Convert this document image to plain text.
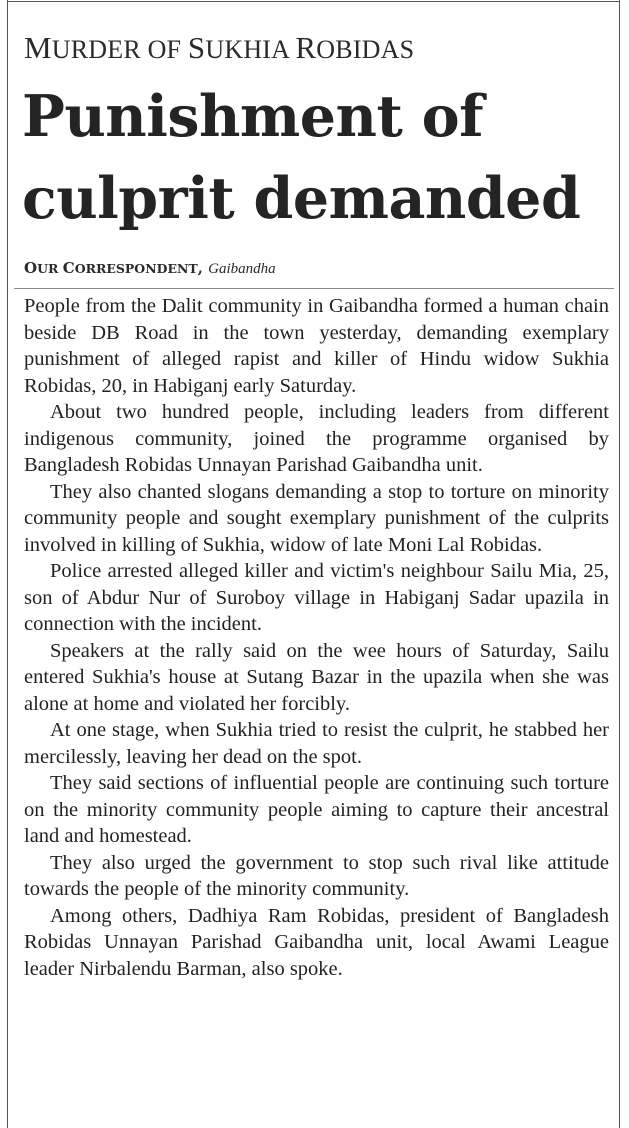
MURDER OF SUKHIA ROBIDAS
Punishment of
culprit demanded
OUR CORRESPONDENT, Gaibandha

People from the Dalit community in Gaibandha formed a human chain beside DB Road in the town yesterday, demanding exemplary punishment of alleged rapist and killer of Hindu widow Sukhia Robidas, 20, in Habiganj early Saturday.

About two hundred people, including leaders from different indigenous community, joined the programme organised by Bangladesh Robidas Unnayan Parishad Gaibandha unit.

They also chanted slogans demanding a stop to torture on minority community people and sought exemplary punishment of the culprits involved in killing of Sukhia, widow of late Moni Lal Robidas.

Police arrested alleged killer and victim's neighbour Sailu Mia, 25, son of Abdur Nur of Suroboy village in Habiganj Sadar upazila in connection with the incident.

Speakers at the rally said on the wee hours of Saturday, Sailu entered Sukhia's house at Sutang Bazar in the upazila when she was alone at home and violated her forcibly.

At one stage, when Sukhia tried to resist the culprit, he stabbed her mercilessly, leaving her dead on the spot.

They said sections of influential people are continuing such torture on the minority community people aiming to capture their ancestral land and homestead.

They also urged the government to stop such rival like attitude towards the people of the minority community.

Among others, Dadhiya Ram Robidas, president of Bangladesh Robidas Unnayan Parishad Gaibandha unit, local Awami League leader Nirbalendu Barman, also spoke.
